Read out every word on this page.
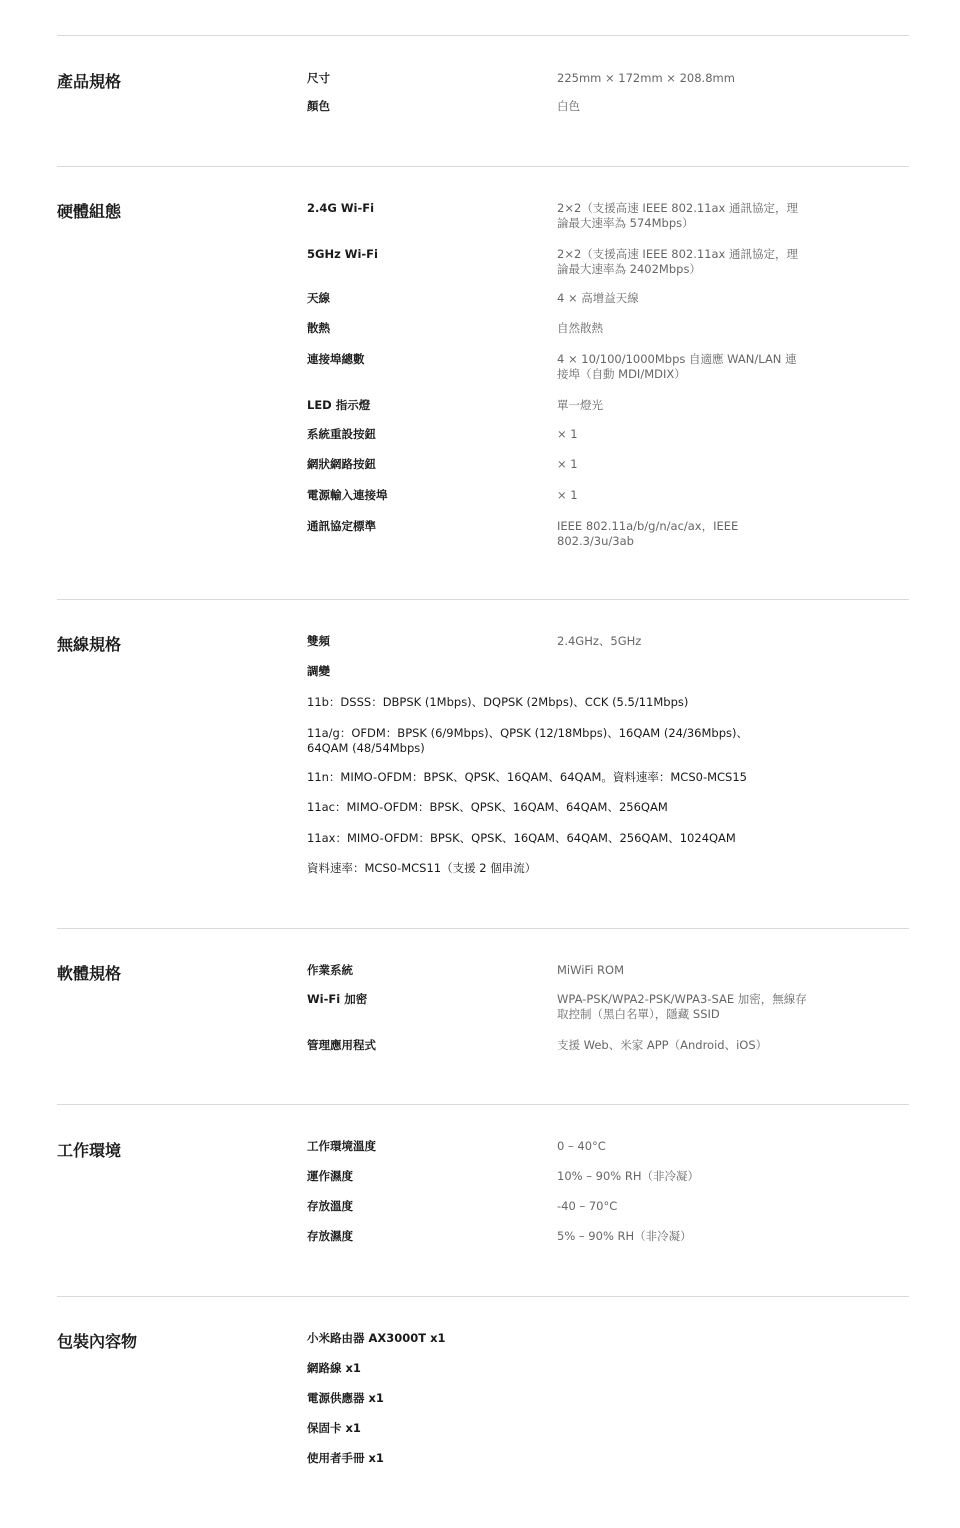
產品規格	尺寸	225mm × 172mm × 208.8mm
顏色	白色
硬體組態	2.4G Wi-Fi	2×2（支援高速 IEEE 802.11ax 通訊協定，理論最大速率為 574Mbps）
5GHz Wi-Fi	2×2（支援高速 IEEE 802.11ax 通訊協定，理論最大速率為 2402Mbps）
天線	4 × 高增益天線
散熱	自然散熱
連接埠總數	4 × 10/100/1000Mbps 自適應 WAN/LAN 連接埠（自動 MDI/MDIX）
LED 指示燈	單一燈光
系統重設按鈕	× 1
網狀網路按鈕	× 1
電源輸入連接埠	× 1
通訊協定標準	IEEE 802.11a/b/g/n/ac/ax，IEEE 802.3/3u/3ab
無線規格	雙頻	2.4GHz、5GHz
調變
11b：DSSS：DBPSK (1Mbps)、DQPSK (2Mbps)、CCK (5.5/11Mbps)
11a/g：OFDM：BPSK (6/9Mbps)、QPSK (12/18Mbps)、16QAM (24/36Mbps)、64QAM (48/54Mbps)
11n：MIMO-OFDM：BPSK、QPSK、16QAM、64QAM。資料速率：MCS0-MCS15
11ac：MIMO-OFDM：BPSK、QPSK、16QAM、64QAM、256QAM
11ax：MIMO-OFDM：BPSK、QPSK、16QAM、64QAM、256QAM、1024QAM
資料速率：MCS0-MCS11（支援 2 個串流）
軟體規格	作業系統	MiWiFi ROM
Wi-Fi 加密	WPA-PSK/WPA2-PSK/WPA3-SAE 加密，無線存取控制（黑白名單），隱藏 SSID
管理應用程式	支援 Web、米家 APP（Android、iOS）
工作環境	工作環境溫度	0 – 40°C
運作濕度	10% – 90% RH（非冷凝）
存放溫度	-40 – 70°C
存放濕度	5% – 90% RH（非冷凝）
包裝內容物	小米路由器 AX3000T x1
網路線 x1
電源供應器 x1
保固卡 x1
使用者手冊 x1
